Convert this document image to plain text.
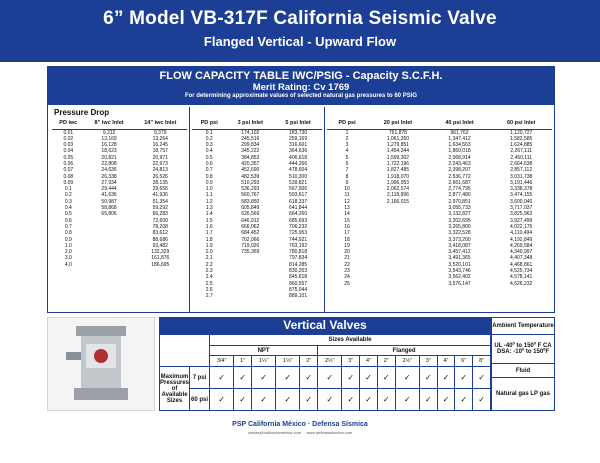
6” Model VB-317F California Seismic Valve
Flanged Vertical - Upward Flow
FLOW CAPACITY TABLE IWC/PSIG - Capacity S.C.F.H.
Merit Rating: Cv 1769
For determining approximate values of selected natural gas pressures to 60 PSIG
Pressure Drop
PD iwc	8” iwc Inlet	14” iwc Inlet
0.01	9,312	9,379
0.02	13,169	13,264
0.03	16,128	16,245
0.04	18,623	18,757
0.05	20,821	20,971
0.06	22,808	22,973
0.07	24,636	24,813
0.08	26,338	26,526
0.09	27,934	28,135
0.1	29,444	29,656
0.2	41,636	41,936
0.3	50,987	51,354
0.4	58,868	59,292
0.5	65,806	66,283
0.6		72,600
0.7		78,208
0.8		83,612
0.9		88,686
1.0		93,482
2.0		132,329
3.0		161,876
4.0		186,695
PD psi	3 psi Inlet	5 psi Inlet
0.1	174,102	183,730
0.2	245,516	259,169
0.3	299,834	316,601
0.4	345,222	364,636
0.5	384,853	406,618
0.6	420,357	444,266
0.7	452,690	478,604
0.8	482,539	510,300
0.9	510,293	539,821
1.0	536,293	567,506
1.1	560,767	593,617
1.2	583,850	618,337
1.3	605,849	641,844
1.4	626,569	664,260
1.5	646,912	685,693
1.6	666,062	706,232
1.7	684,452	725,953
1.8	702,066	744,921
1.9	719,020	763,192
2.0	735,369	780,818
2.1		797,834
2.2		814,285
2.3		830,203
2.4		845,618
2.5		860,557
2.6		875,044
2.7		889,101
PD psi	20 psi Inlet	40 psi Inlet	60 psi Inlet
1	761,878	961,762	1,120,727
2	1,061,350	1,347,412	1,582,585
3	1,279,851	1,634,563	1,624,885
4	1,454,344	1,869,018	2,267,111
5	1,599,302	2,068,914	2,450,111
6	1,722,196	2,243,463	2,664,638
7	1,827,485	2,398,207	2,857,112
8	1,918,070	2,536,772	3,031,738
9	1,996,953	2,661,687	3,191,446
10	2,062,574	2,774,795	3,338,378
11	2,118,996	2,877,480	3,474,155
12	2,166,015	2,970,851	3,600,040
13		3,055,733	3,717,037
14		3,132,827	3,825,963
15		3,202,695	3,927,499
16		3,265,800	4,022,175
17		3,322,528	4,110,494
18		3,373,200	4,192,849
19		3,418,087	4,269,584
20		3,457,412	4,340,997
21		3,491,365	4,407,348
22		3,520,101	4,468,861
23		3,543,746	4,525,734
24		3,562,402	4,578,141
25		3,576,147	4,626,232
Vertical Valves
		Sizes Available													
		NPT					Flanged								
		3/4”	1”	1¼”	1½”	2”	2½”	3”	4”	2”	2½”	3”	4”	6”	8”
Maximum Pressures of Available Sizes	7 psi	✓	✓	✓	✓	✓	✓	✓	✓	✓	✓	✓	✓	✓	✓
	60 psi	✓	✓	✓	✓	✓	✓	✓	✓	✓	✓	✓	✓	✓	✓
Ambient Temperature
UL -40º to 150º F CA DSA: -10º to 150ºF
Fluid
Natural gas LP gas
PSP California México · Defensa Sísmica
ventas@californiamexico.com www.defensasismica.com
